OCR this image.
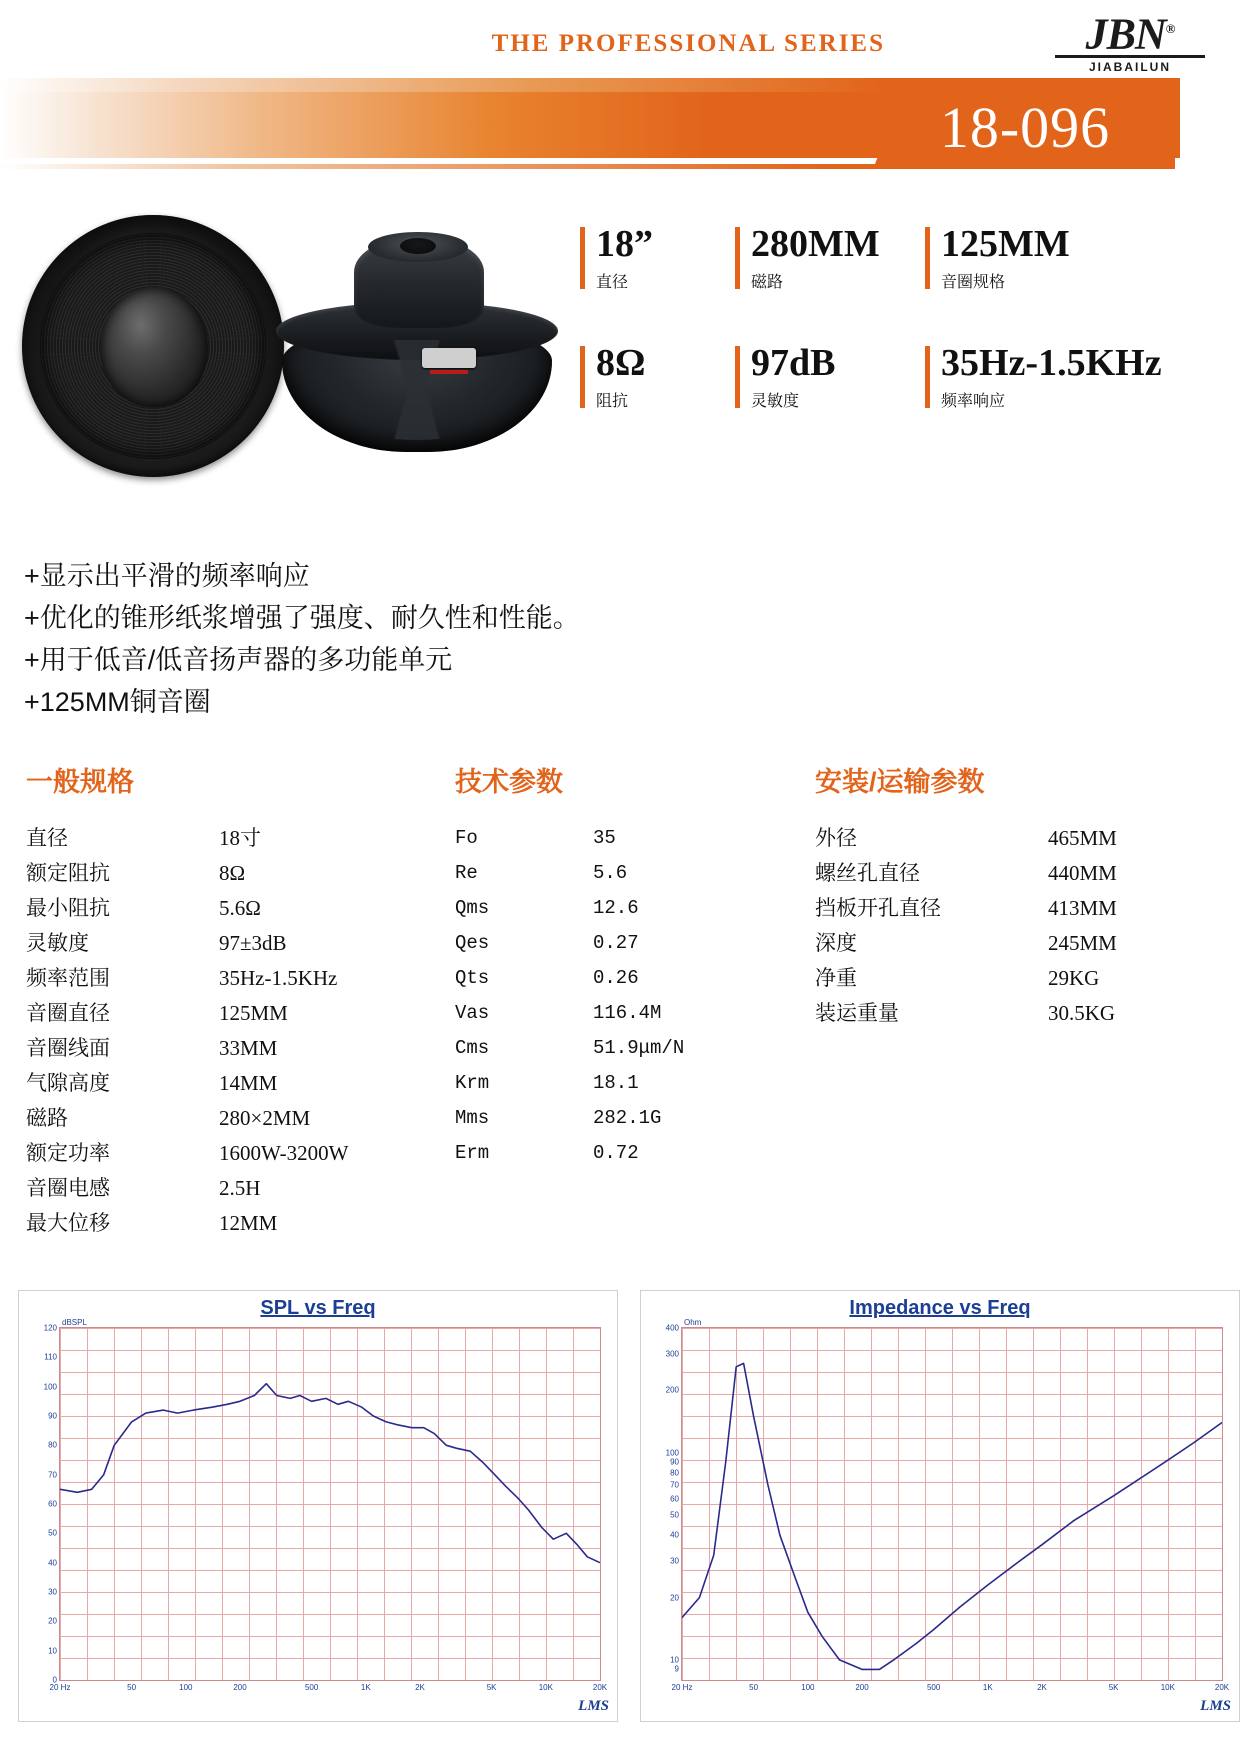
THE PROFESSIONAL SERIES	JBN®
JIABAILUN
18-096
18”
直径
280MM
磁路
125MM
音圈规格
8Ω
阻抗
97dB
灵敏度
35Hz-1.5KHz
频率响应
+显示出平滑的频率响应
+优化的锥形纸浆增强了强度、耐久性和性能。
+用于低音/低音扬声器的多功能单元
+125MM铜音圈
一般规格
直径	18寸
额定阻抗	8Ω
最小阻抗	5.6Ω
灵敏度	97±3dB
频率范围	35Hz-1.5KHz
音圈直径	125MM
音圈线面	33MM
气隙高度	14MM
磁路	280×2MM
额定功率	1600W-3200W
音圈电感	2.5H
最大位移	12MM
技术参数
Fo	35
Re	5.6
Qms	12.6
Qes	0.27
Qts	0.26
Vas	116.4M
Cms	51.9μm/N
Krm	18.1
Mms	282.1G
Erm	0.72
安装/运输参数
外径	465MM
螺丝孔直径	440MM
挡板开孔直径	413MM
深度	245MM
净重	29KG
装运重量	30.5KG
SPL vs Freq
dBSPL
0
10
20
30
40
50
60
70
80
90
100
110
120
20 Hz	50	100	200	500	1K	2K	5K	10K	20K
LMS
Impedance vs Freq
Ohm
9
10
20
30
40
50
60
70
80
90
100
200
300
400
20 Hz	50	100	200	500	1K	2K	5K	10K	20K
LMS
